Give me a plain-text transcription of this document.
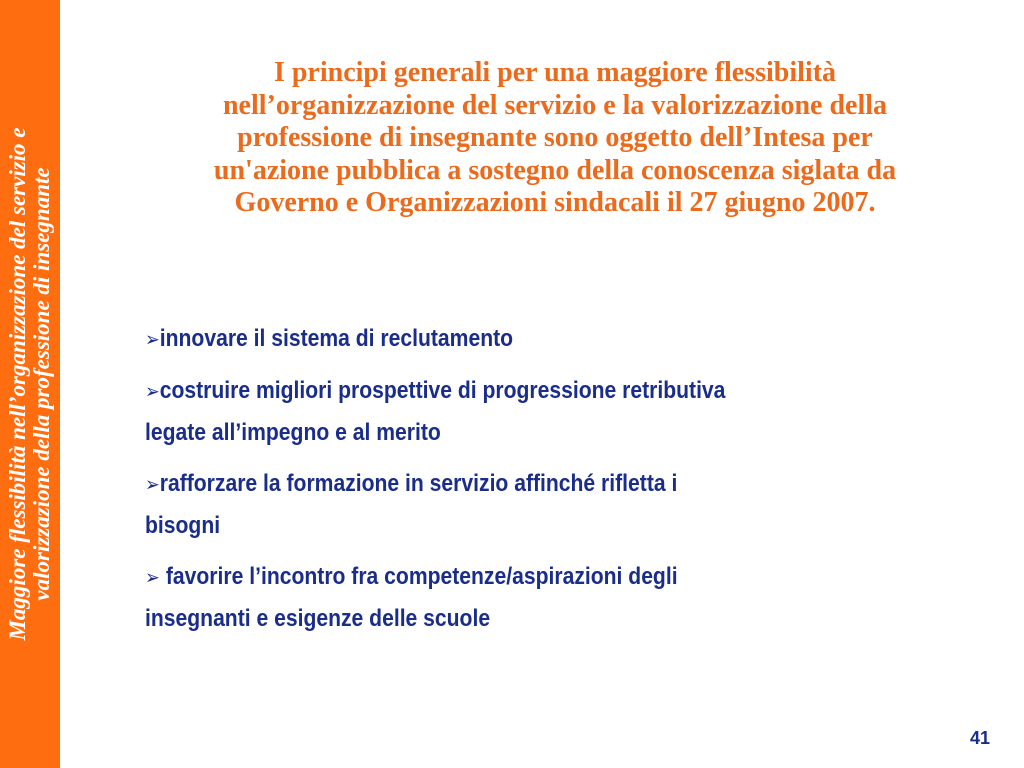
Maggiore flessibilità nell’organizzazione del servizio e valorizzazione della professione di insegnante
I principi generali per una maggiore flessibilità
nell’organizzazione del servizio e la valorizzazione della
professione di insegnante sono oggetto dell’Intesa per
un'azione pubblica a sostegno della conoscenza siglata da
Governo e Organizzazioni sindacali il 27 giugno 2007.
➢innovare il sistema di reclutamento
➢costruire migliori prospettive di progressione retributiva
legate all’impegno e al merito
➢rafforzare la formazione in servizio affinché rifletta i
bisogni
➢ favorire l’incontro fra competenze/aspirazioni degli
insegnanti e esigenze delle scuole
41
